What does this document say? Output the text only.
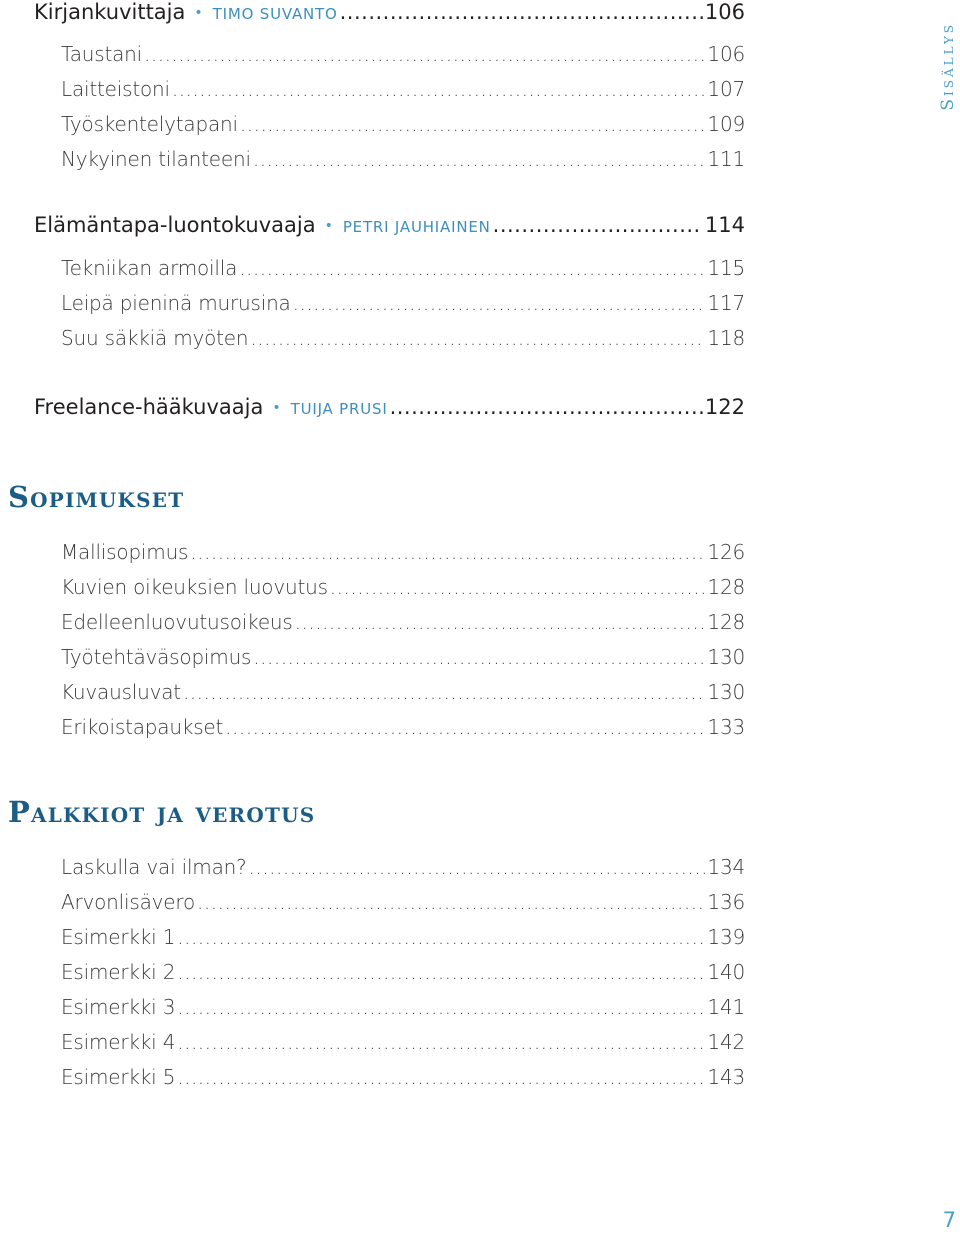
Kirjankuvittaja • TIMO SUVANTO .....	106
Taustani .....	106
Laitteistoni .....	107
Työskentelytapani .....	109
Nykyinen tilanteeni .....	111
Elämäntapa-luontokuvaaja • PETRI JAUHIAINEN .....	114
Tekniikan armoilla .....	115
Leipä pieninä murusina .....	117
Suu säkkiä myöten .....	118
Freelance-hääkuvaaja • TUIJA PRUSI .....	122
Sopimukset
Mallisopimus .....	126
Kuvien oikeuksien luovutus .....	128
Edelleenluovutusoikeus .....	128
Työtehtäväsopimus .....	130
Kuvausluvat .....	130
Erikoistapaukset .....	133
Palkkiot ja verotus
Laskulla vai ilman? .....	134
Arvonlisävero .....	136
Esimerkki 1 .....	139
Esimerkki 2 .....	140
Esimerkki 3 .....	141
Esimerkki 4 .....	142
Esimerkki 5 .....	143
Sisällys
7
